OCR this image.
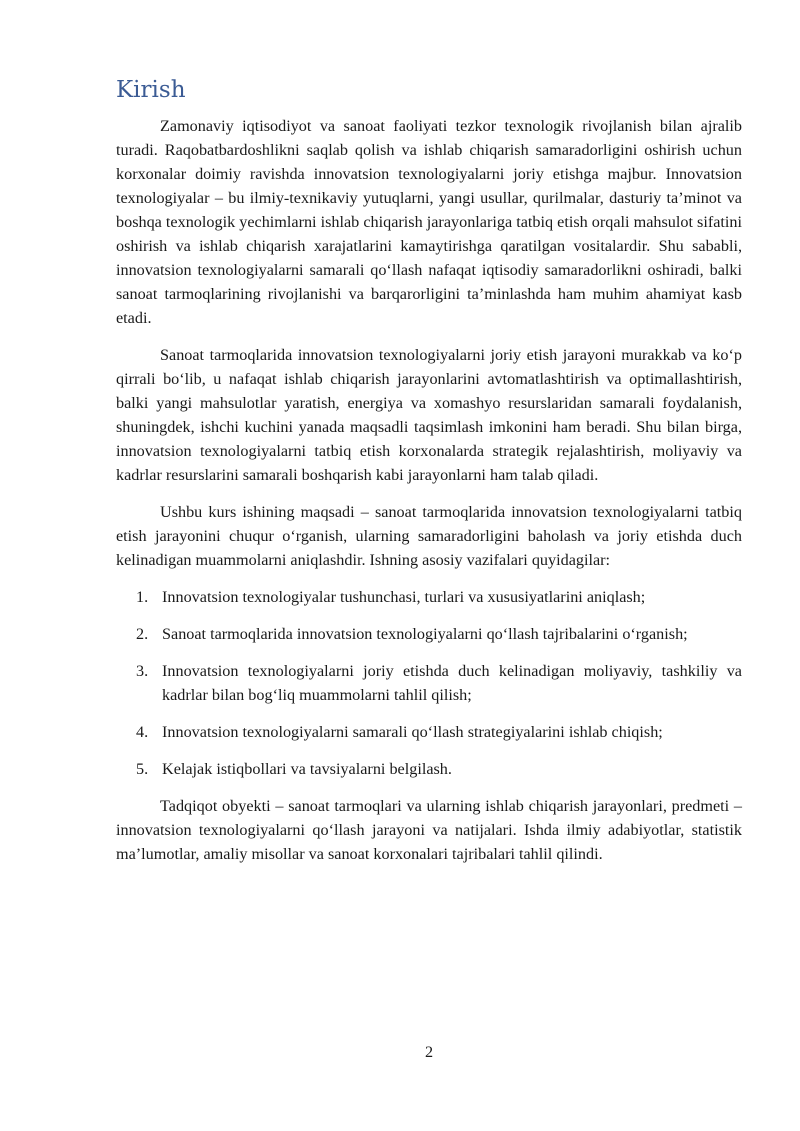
Kirish

Zamonaviy iqtisodiyot va sanoat faoliyati tezkor texnologik rivojlanish bilan ajralib turadi. Raqobatbardoshlikni saqlab qolish va ishlab chiqarish samaradorligini oshirish uchun korxonalar doimiy ravishda innovatsion texnologiyalarni joriy etishga majbur. Innovatsion texnologiyalar – bu ilmiy-texnikaviy yutuqlarni, yangi usullar, qurilmalar, dasturiy ta’minot va boshqa texnologik yechimlarni ishlab chiqarish jarayonlariga tatbiq etish orqali mahsulot sifatini oshirish va ishlab chiqarish xarajatlarini kamaytirishga qaratilgan vositalardir. Shu sababli, innovatsion texnologiyalarni samarali qo‘llash nafaqat iqtisodiy samaradorlikni oshiradi, balki sanoat tarmoqlarining rivojlanishi va barqarorligini ta’minlashda ham muhim ahamiyat kasb etadi.

Sanoat tarmoqlarida innovatsion texnologiyalarni joriy etish jarayoni murakkab va ko‘p qirrali bo‘lib, u nafaqat ishlab chiqarish jarayonlarini avtomatlashtirish va optimallashtirish, balki yangi mahsulotlar yaratish, energiya va xomashyo resurslaridan samarali foydalanish, shuningdek, ishchi kuchini yanada maqsadli taqsimlash imkonini ham beradi. Shu bilan birga, innovatsion texnologiyalarni tatbiq etish korxonalarda strategik rejalashtirish, moliyaviy va kadrlar resurslarini samarali boshqarish kabi jarayonlarni ham talab qiladi.

Ushbu kurs ishining maqsadi – sanoat tarmoqlarida innovatsion texnologiyalarni tatbiq etish jarayonini chuqur o‘rganish, ularning samaradorligini baholash va joriy etishda duch kelinadigan muammolarni aniqlashdir. Ishning asosiy vazifalari quyidagilar:

1. Innovatsion texnologiyalar tushunchasi, turlari va xususiyatlarini aniqlash;
2. Sanoat tarmoqlarida innovatsion texnologiyalarni qo‘llash tajribalarini o‘rganish;
3. Innovatsion texnologiyalarni joriy etishda duch kelinadigan moliyaviy, tashkiliy va kadrlar bilan bog‘liq muammolarni tahlil qilish;
4. Innovatsion texnologiyalarni samarali qo‘llash strategiyalarini ishlab chiqish;
5. Kelajak istiqbollari va tavsiyalarni belgilash.

Tadqiqot obyekti – sanoat tarmoqlari va ularning ishlab chiqarish jarayonlari, predmeti – innovatsion texnologiyalarni qo‘llash jarayoni va natijalari. Ishda ilmiy adabiyotlar, statistik ma’lumotlar, amaliy misollar va sanoat korxonalari tajribalari tahlil qilindi.

2
